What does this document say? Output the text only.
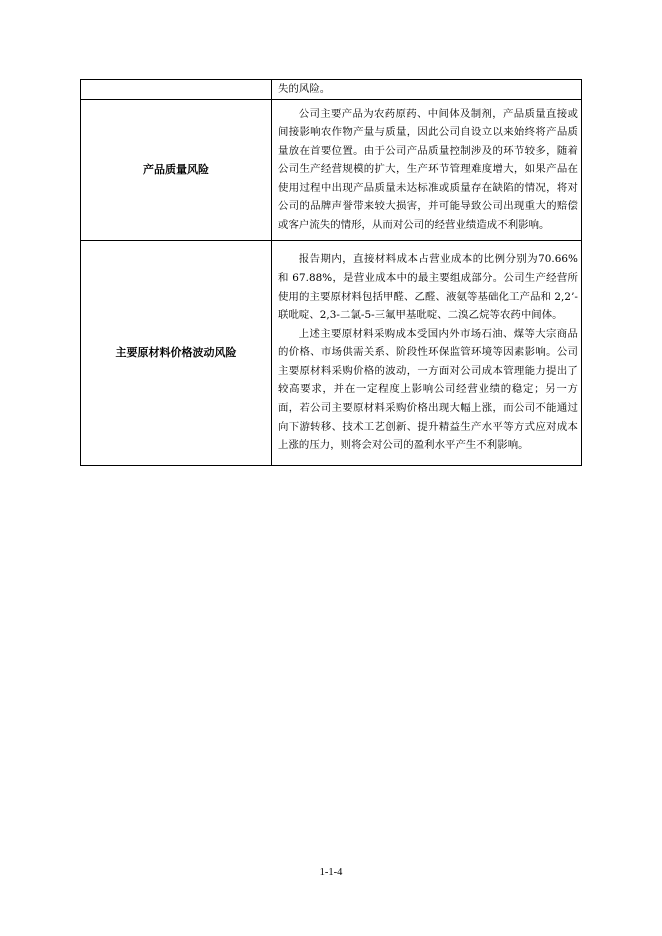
	失的风险。

产品质量风险	公司主要产品为农药原药、中间体及制剂，产品质量直接或间接影响农作物产量与质量，因此公司自设立以来始终将产品质量放在首要位置。由于公司产品质量控制涉及的环节较多，随着公司生产经营规模的扩大，生产环节管理难度增大，如果产品在使用过程中出现产品质量未达标准或质量存在缺陷的情况，将对公司的品牌声誉带来较大损害，并可能导致公司出现重大的赔偿或客户流失的情形，从而对公司的经营业绩造成不利影响。

主要原材料价格波动风险	报告期内，直接材料成本占营业成本的比例分别为70.66%和 67.88%，是营业成本中的最主要组成部分。公司生产经营所使用的主要原材料包括甲醛、乙醛、液氨等基础化工产品和 2,2’-联吡啶、2,3-二氯-5-三氟甲基吡啶、二溴乙烷等农药中间体。

上述主要原材料采购成本受国内外市场石油、煤等大宗商品的价格、市场供需关系、阶段性环保监管环境等因素影响。公司主要原材料采购价格的波动，一方面对公司成本管理能力提出了较高要求，并在一定程度上影响公司经营业绩的稳定；另一方面，若公司主要原材料采购价格出现大幅上涨，而公司不能通过向下游转移、技术工艺创新、提升精益生产水平等方式应对成本上涨的压力，则将会对公司的盈利水平产生不利影响。

1-1-4
